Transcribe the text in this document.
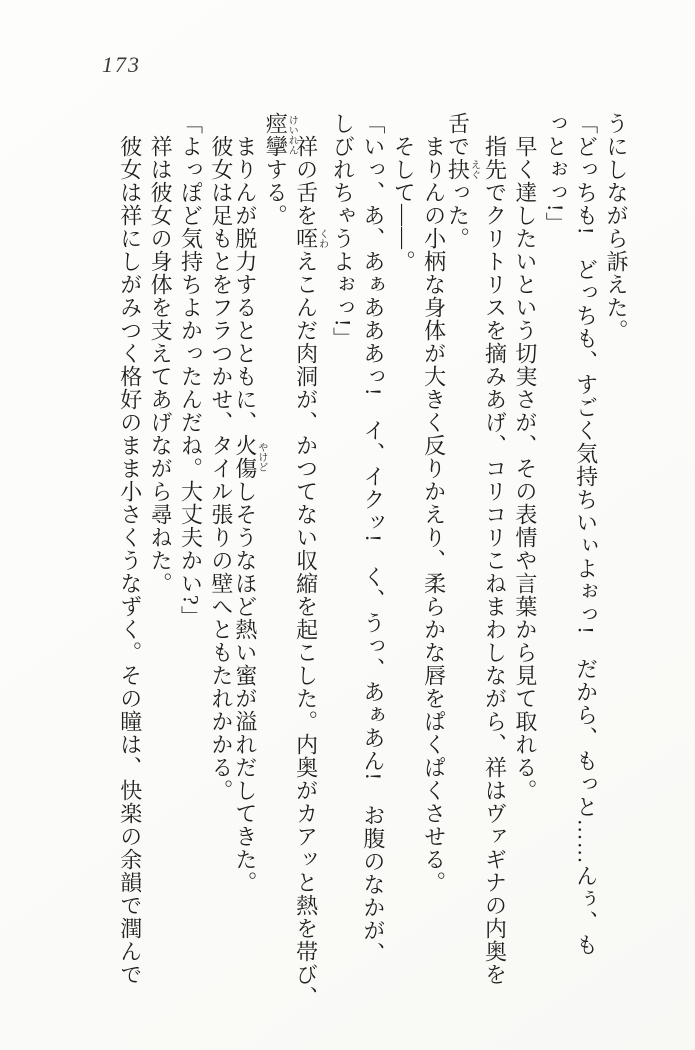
173
うにしながら訴えた。
「どっちも!　どっちも、すごく気持ちいぃよぉっ!　だから、もっと……んぅ、も
っとぉっ!」
早く達したいという切実さが、その表情や言葉から見て取れる。
指先でクリトリスを摘みあげ、コリコリこねまわしながら、祥はヴァギナの内奥を
舌で抉えぐった。
まりんの小柄な身体が大きく反りかえり、柔らかな唇をぱくぱくさせる。
そして――。
「いっ、あ、あぁあああっ!　イ、イクッ!　く、うっ、あぁあん!　お腹のなかが、
しびれちゃうよぉっ!」
祥の舌を咥くわえこんだ肉洞が、かつてない収縮を起こした。内奥がカアッと熱を帯び、
痙攣けいれんする。
まりんが脱力するとともに、火傷やけどしそうなほど熱い蜜が溢れだしてきた。
彼女は足もとをフラつかせ、タイル張りの壁へともたれかかる。
「よっぽど気持ちよかったんだね。大丈夫かい?」
祥は彼女の身体を支えてあげながら尋ねた。
彼女は祥にしがみつく格好のまま小さくうなずく。その瞳は、快楽の余韻で潤んで
